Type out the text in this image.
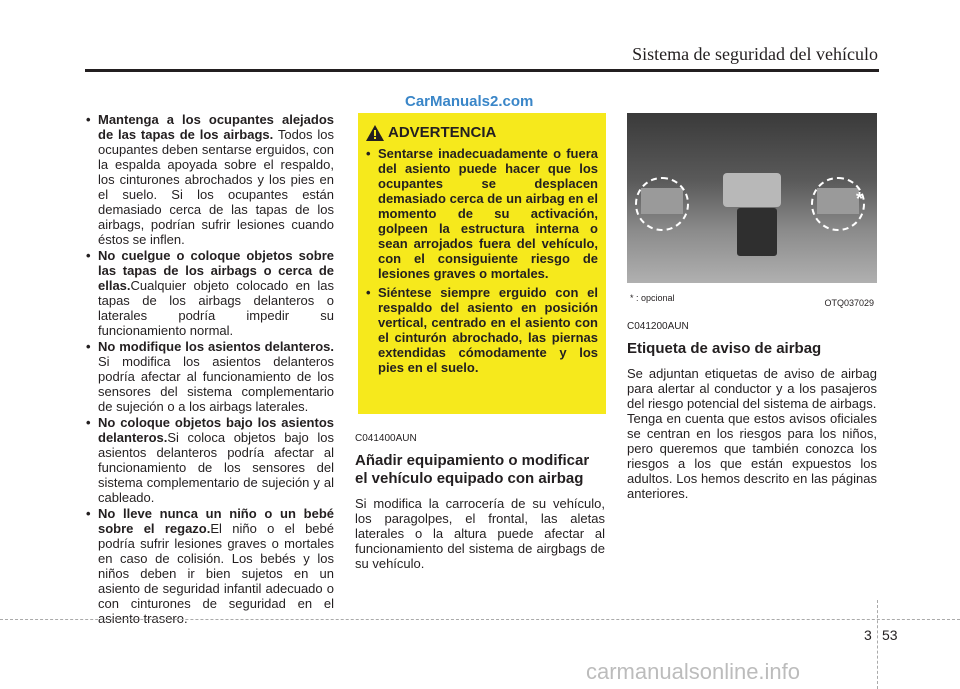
Sistema de seguridad del vehículo
CarManuals2.com
• Mantenga a los ocupantes alejados de las tapas de los airbags. Todos los ocupantes deben sentarse erguidos, con la espalda apoyada sobre el respaldo, los cinturones abrochados y los pies en el suelo. Si los ocupantes están demasiado cerca de las tapas de los airbags, podrían sufrir lesiones cuando éstos se inflen.
• No cuelgue o coloque objetos sobre las tapas de los airbags o cerca de ellas.Cualquier objeto colocado en las tapas de los airbags delanteros o laterales podría impedir su funcionamiento normal.
• No modifique los asientos delanteros. Si modifica los asientos delanteros podría afectar al funcionamiento de los sensores del sistema complementario de sujeción o a los airbags laterales.
• No coloque objetos bajo los asientos delanteros.Si coloca objetos bajo los asientos delanteros podría afectar al funcionamiento de los sensores del sistema complementario de sujeción y al cableado.
• No lleve nunca un niño o un bebé sobre el regazo.El niño o el bebé podría sufrir lesiones graves o mortales en caso de colisión. Los bebés y los niños deben ir bien sujetos en un asiento de seguridad infantil adecuado o con cinturones de seguridad en el asiento trasero.
ADVERTENCIA
• Sentarse inadecuadamente o fuera del asiento puede hacer que los ocupantes se desplacen demasiado cerca de un airbag en el momento de su activación, golpeen la estructura interna o sean arrojados fuera del vehículo, con el consiguiente riesgo de lesiones graves o mortales.
• Siéntese siempre erguido con el respaldo del asiento en posición vertical, centrado en el asiento con el cinturón abrochado, las piernas extendidas cómodamente y los pies en el suelo.
C041400AUN
Añadir equipamiento o modificar el vehículo equipado con airbag
Si modifica la carrocería de su vehículo, los paragolpes, el frontal, las aletas laterales o la altura puede afectar al funcionamiento del sistema de airgbags de su vehículo.
*
* : opcional	OTQ037029
C041200AUN
Etiqueta de aviso de airbag
Se adjuntan etiquetas de aviso de airbag para alertar al conductor y a los pasajeros del riesgo potencial del sistema de airbags.
Tenga en cuenta que estos avisos oficiales se centran en los riesgos para los niños, pero queremos que también conozca los riesgos a los que están expuestos los adultos. Los hemos descrito en las páginas anteriores.
3 53
carmanualsonline.info
